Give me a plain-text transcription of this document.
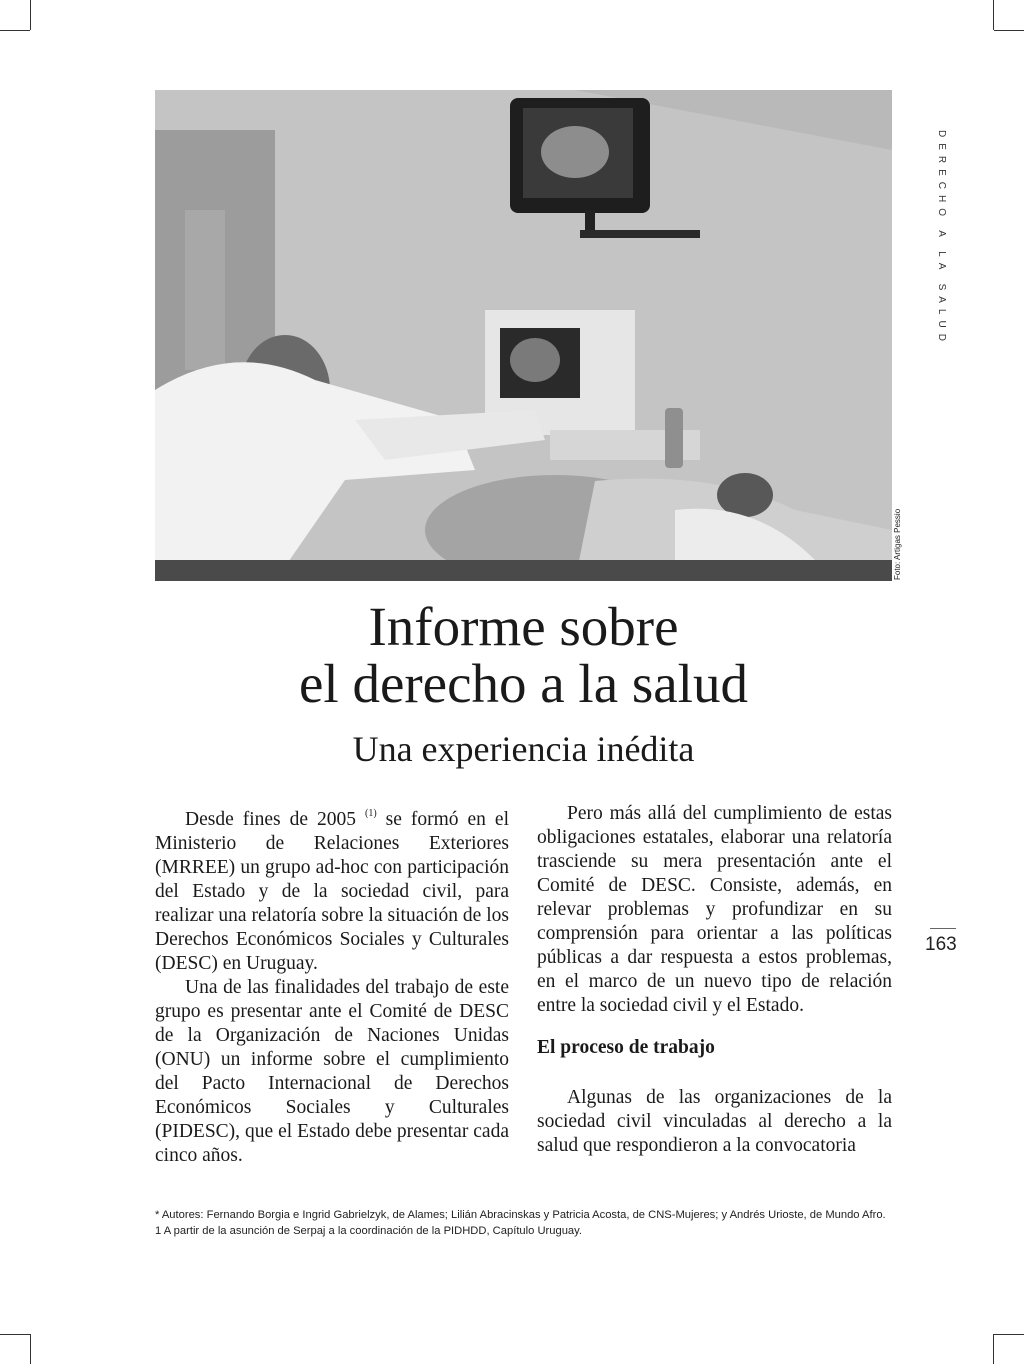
Foto: Artigas Pessio
DERECHO A LA SALUD
Informe sobre
el derecho a la salud
Una experiencia inédita

Desde fines de 2005 $^{(1)}$ se formó en el Ministerio de Relaciones Exteriores (MRREE) un grupo ad-hoc con participación del Estado y de la sociedad civil, para realizar una relatoría sobre la situación de los Derechos Económicos Sociales y Culturales (DESC) en Uruguay.

Una de las finalidades del trabajo de este grupo es presentar ante el Comité de DESC de la Organización de Naciones Unidas (ONU) un informe sobre el cumplimiento del Pacto Internacional de Derechos Económicos Sociales y Culturales (PIDESC), que el Estado debe presentar cada cinco años.

Pero más allá del cumplimiento de estas obligaciones estatales, elaborar una relatoría trasciende su mera presentación ante el Comité de DESC. Consiste, además, en relevar problemas y profundizar en su comprensión para orientar a las políticas públicas a dar respuesta a estos problemas, en el marco de un nuevo tipo de relación entre la sociedad civil y el Estado.

El proceso de trabajo

Algunas de las organizaciones de la sociedad civil vinculadas al derecho a la salud que respondieron a la convocatoria

163
* Autores: Fernando Borgia e Ingrid Gabrielzyk, de Alames; Lilián Abracinskas y Patricia Acosta, de CNS-Mujeres; y Andrés Urioste, de Mundo Afro.
1 A partir de la asunción de Serpaj a la coordinación de la PIDHDD, Capítulo Uruguay.
